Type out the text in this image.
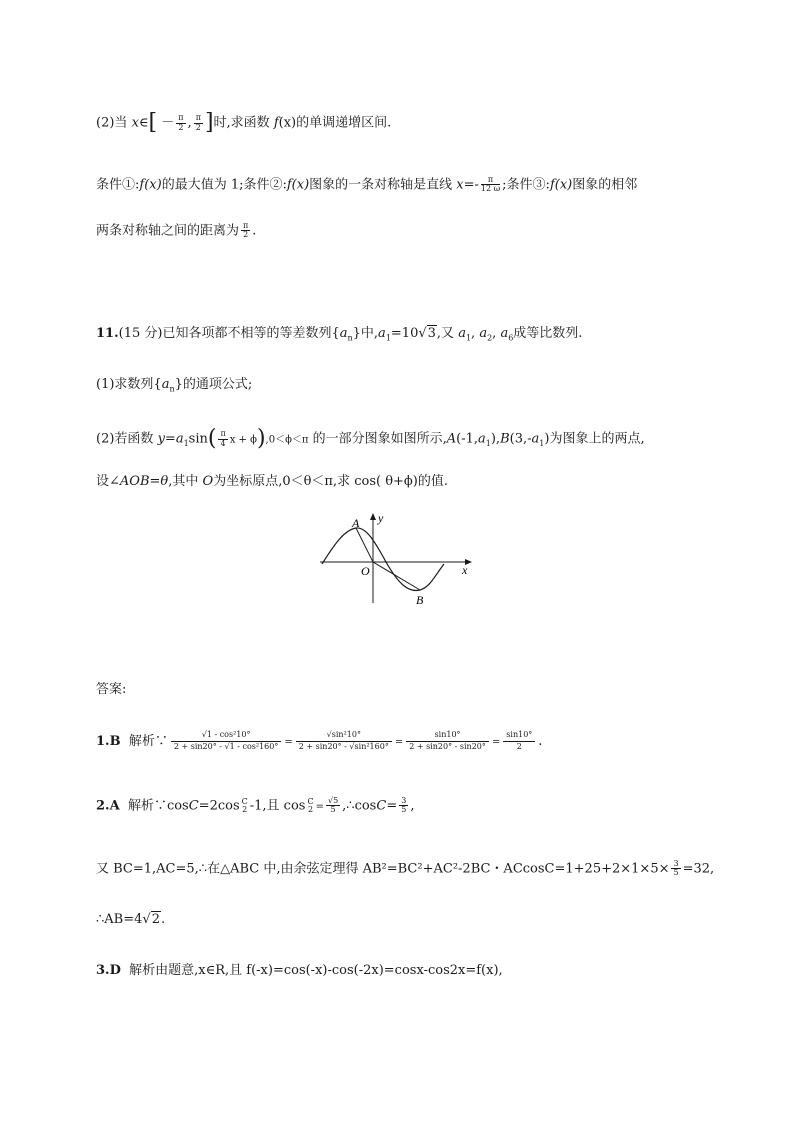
(2)当 x∈[ － $\frac{\pi}{2}$ , $\frac{\pi}{2}$ ]时,求函数 f(x)的单调递增区间.
条件①:f(x)的最大值为 1;条件②:f(x)图象的一条对称轴是直线 $x=- \frac{\pi}{12 \omega}$ ;条件③:f(x)图象的相邻
两条对称轴之间的距离为 $\frac{\pi}{2}$ .
11.(15 分)已知各项都不相等的等差数列$\{a_n\}$中$,a_1=10√3$,又 $a_1$, $a_2$, $a_6$成等比数列.
(1)求数列$\{a_n\}$的通项公式;
(2)若函数 $y=a_1\sin( \frac{\pi}{4}$ x + ϕ),0＜ϕ＜π 的一部分图象如图所示$,A(-1,a_1),B(3,-a_1)$为图象上的两点,
设∠AOB=θ,其中 O为坐标原点,0＜θ＜π,求 cos( θ+ϕ)的值.
A
B
O	x
y
答案:
1.B 解析∵ $\frac{\text{√1 - cos²10°}}{\text{2 + sin20° - √1 - cos²160°}} = \frac{\text{√sin²10°}}{\text{2 + sin20° - √sin²160°}} = \frac{\sin 10^\circ}{2 + \sin 20^\circ - \sin 20^\circ} = \frac{\sin 10^\circ}{2}$ .
2.A 解析∵cosC=2cos C
2 -1,且 cos C
$2 = \frac{√5}{5}$ ,∴cosC= $\frac{3}{5}$ ,
又 BC=1,AC=5,∴在△ABC 中,由余弦定理得 AB²=BC²+AC²-2BC・$ACcosC=1+25+2\times 1\times 5\times \frac{3}{5} =32$,
∴AB=4√2.
3.D 解析由题意,x∈R,且 f(-x)=cos(-x)-cos(-2x)=cosx-cos2x=f(x),
